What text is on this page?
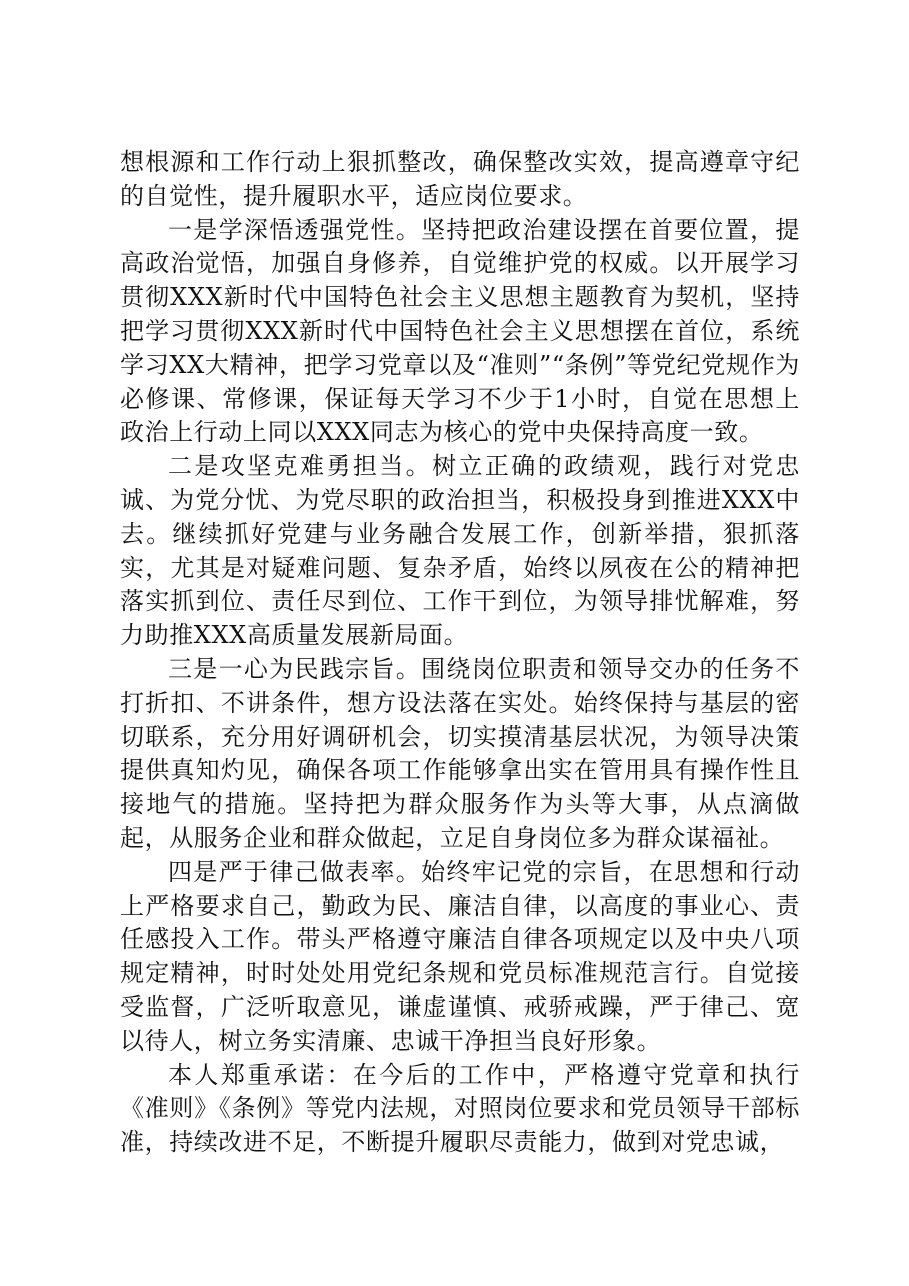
想根源和工作行动上狠抓整改，确保整改实效，提高遵章守纪的自觉性，提升履职水平，适应岗位要求。

一是学深悟透强党性。坚持把政治建设摆在首要位置，提高政治觉悟，加强自身修养，自觉维护党的权威。以开展学习贯彻XXX新时代中国特色社会主义思想主题教育为契机，坚持把学习贯彻XXX新时代中国特色社会主义思想摆在首位，系统学习XX大精神，把学习党章以及“准则”“条例”等党纪党规作为必修课、常修课，保证每天学习不少于1小时，自觉在思想上政治上行动上同以XXX同志为核心的党中央保持高度一致。

二是攻坚克难勇担当。树立正确的政绩观，践行对党忠诚、为党分忧、为党尽职的政治担当，积极投身到推进XXX中去。继续抓好党建与业务融合发展工作，创新举措，狠抓落实，尤其是对疑难问题、复杂矛盾，始终以夙夜在公的精神把落实抓到位、责任尽到位、工作干到位，为领导排忧解难，努力助推XXX高质量发展新局面。

三是一心为民践宗旨。围绕岗位职责和领导交办的任务不打折扣、不讲条件，想方设法落在实处。始终保持与基层的密切联系，充分用好调研机会，切实摸清基层状况，为领导决策提供真知灼见，确保各项工作能够拿出实在管用具有操作性且接地气的措施。坚持把为群众服务作为头等大事，从点滴做起，从服务企业和群众做起，立足自身岗位多为群众谋福祉。

四是严于律己做表率。始终牢记党的宗旨，在思想和行动上严格要求自己，勤政为民、廉洁自律，以高度的事业心、责任感投入工作。带头严格遵守廉洁自律各项规定以及中央八项规定精神，时时处处用党纪条规和党员标准规范言行。自觉接受监督，广泛听取意见，谦虚谨慎、戒骄戒躁，严于律己、宽以待人，树立务实清廉、忠诚干净担当良好形象。

本人郑重承诺：在今后的工作中，严格遵守党章和执行《准则》《条例》等党内法规，对照岗位要求和党员领导干部标准，持续改进不足，不断提升履职尽责能力，做到对党忠诚，
